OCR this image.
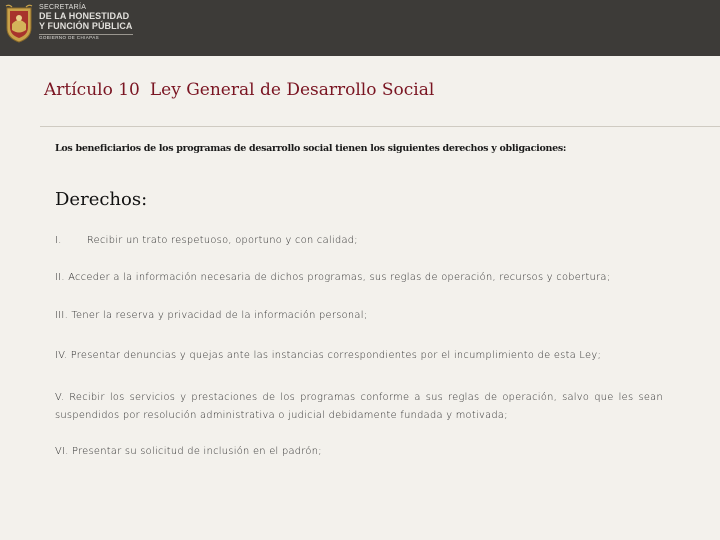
SECRETARÍA
DE LA HONESTIDAD
Y FUNCIÓN PÚBLICA
GOBIERNO DE CHIAPAS
Artículo 10 Ley General de Desarrollo Social
Los beneficiarios de los programas de desarrollo social tienen los siguientes derechos y obligaciones:
Derechos:
I.	Recibir un trato respetuoso, oportuno y con calidad;
II. Acceder a la información necesaria de dichos programas, sus reglas de operación, recursos y cobertura;
III. Tener la reserva y privacidad de la información personal;
IV. Presentar denuncias y quejas ante las instancias correspondientes por el incumplimiento de esta Ley;
V. Recibir los servicios y prestaciones de los programas conforme a sus reglas de operación, salvo que les sean suspendidos por resolución administrativa o judicial debidamente fundada y motivada;
VI. Presentar su solicitud de inclusión en el padrón;
